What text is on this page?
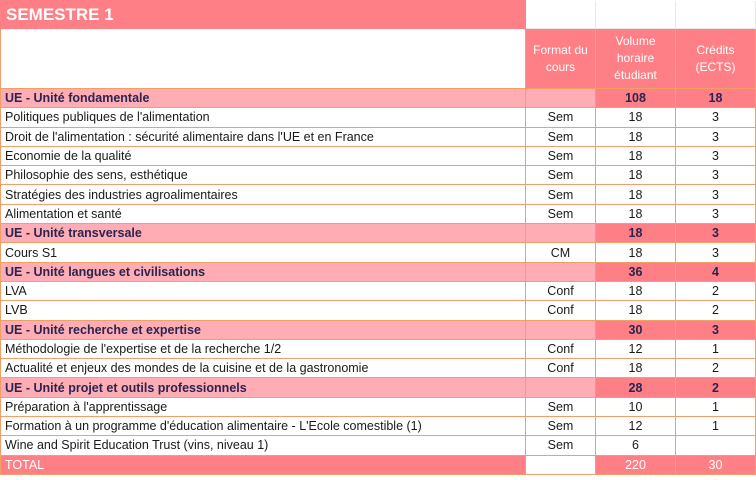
SEMESTRE 1			
	Format du cours	Volume horaire étudiant	Crédits (ECTS)
UE - Unité fondamentale		108	18
Politiques publiques de l'alimentation	Sem	18	3
Droit de l'alimentation : sécurité alimentaire dans l'UE et en France	Sem	18	3
Economie de la qualité	Sem	18	3
Philosophie des sens, esthétique	Sem	18	3
Stratégies des industries agroalimentaires	Sem	18	3
Alimentation et santé	Sem	18	3
UE - Unité transversale		18	3
Cours S1	CM	18	3
UE - Unité langues et civilisations		36	4
LVA	Conf	18	2
LVB	Conf	18	2
UE - Unité recherche et expertise		30	3
Méthodologie de l'expertise et de la recherche 1/2	Conf	12	1
Actualité et enjeux des mondes de la cuisine et de la gastronomie	Conf	18	2
UE - Unité projet et outils professionnels		28	2
Préparation à l'apprentissage	Sem	10	1
Formation à un programme d'éducation alimentaire - L'Ecole comestible (1)	Sem	12	1
Wine and Spirit Education Trust (vins, niveau 1)	Sem	6	
TOTAL		220	30
